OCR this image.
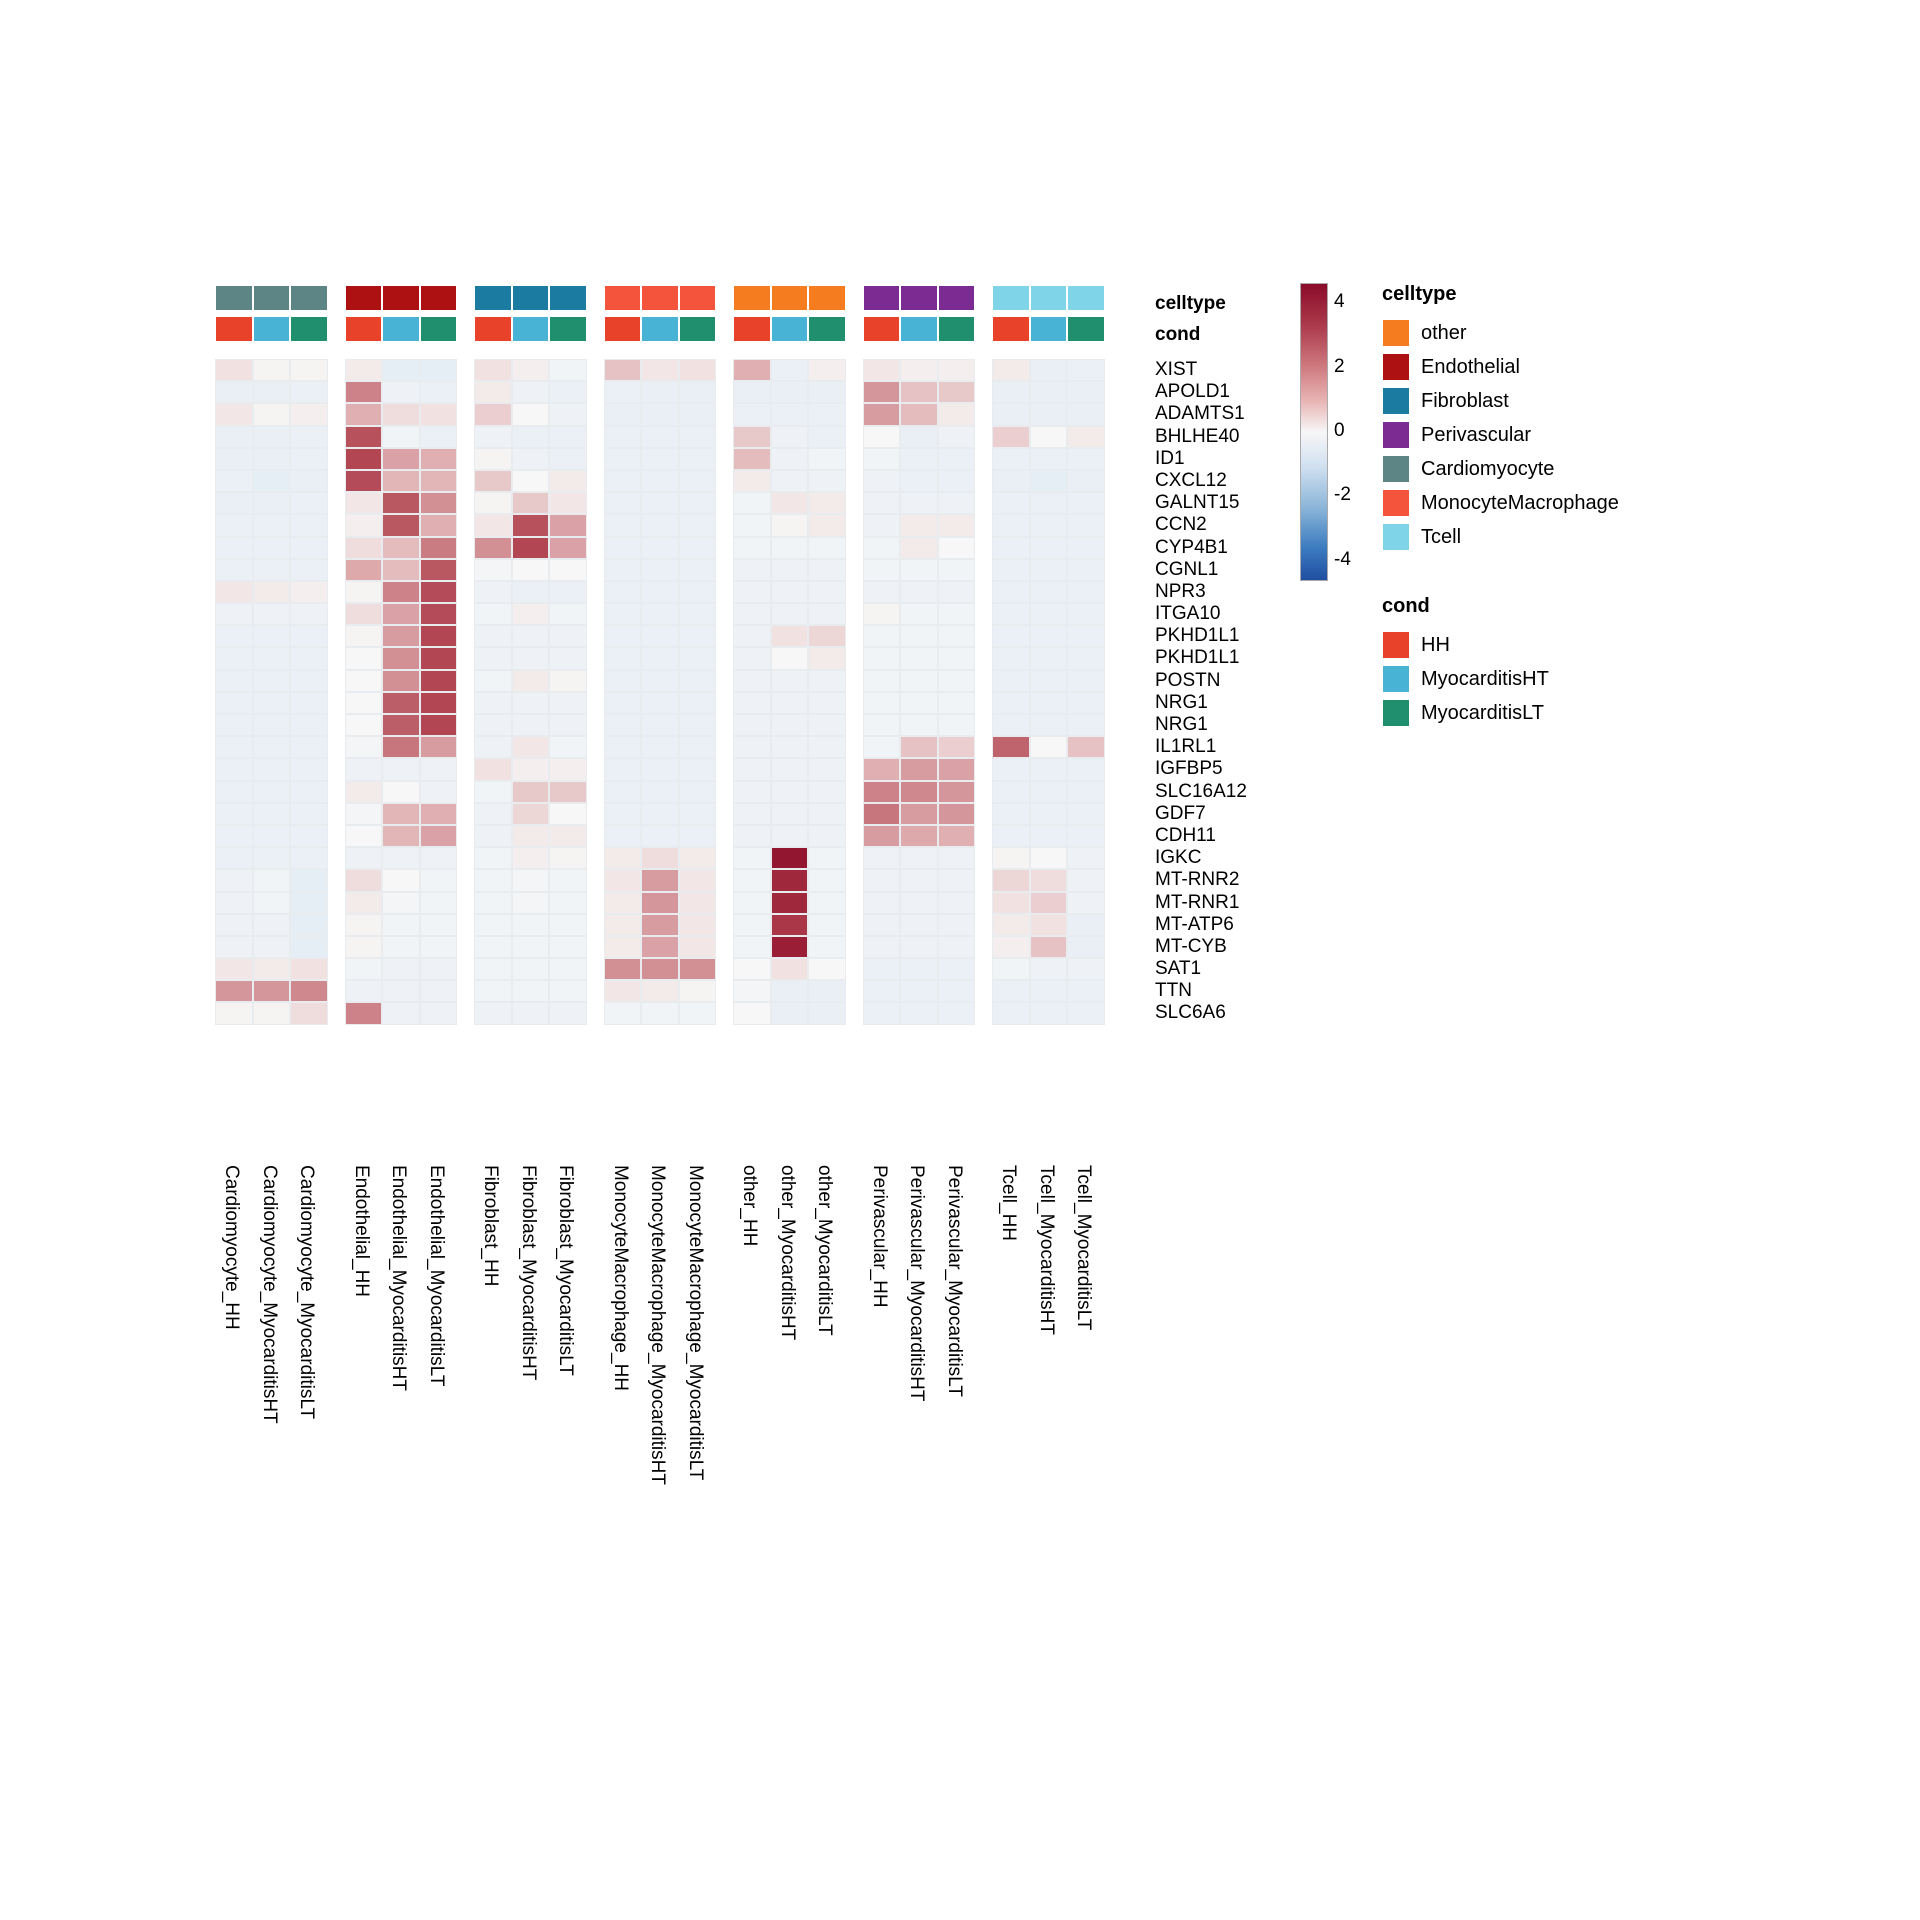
celltype
cond
XIST
APOLD1
ADAMTS1
BHLHE40
ID1
CXCL12
GALNT15
CCN2
CYP4B1
CGNL1
NPR3
ITGA10
PKHD1L1
PKHD1L1
POSTN
NRG1
NRG1
IL1RL1
IGFBP5
SLC16A12
GDF7
CDH11
IGKC
MT-RNR2
MT-RNR1
MT-ATP6
MT-CYB
SAT1
TTN
SLC6A6
Cardiomyocyte_HH Cardiomyocyte_MyocarditisHT Cardiomyocyte_MyocarditisLT Endothelial_HH Endothelial_MyocarditisHT Endothelial_MyocarditisLT Fibroblast_HH Fibroblast_MyocarditisHT Fibroblast_MyocarditisLT MonocyteMacrophage_HH MonocyteMacrophage_MyocarditisHT MonocyteMacrophage_MyocarditisLT other_HH other_MyocarditisHT other_MyocarditisLT Perivascular_HH Perivascular_MyocarditisHT Perivascular_MyocarditisLT Tcell_HH Tcell_MyocarditisHT Tcell_MyocarditisLT
4
2
0
-2
-4
celltype
other
Endothelial
Fibroblast
Perivascular
Cardiomyocyte
MonocyteMacrophage
Tcell
cond
HH
MyocarditisHT
MyocarditisLT
